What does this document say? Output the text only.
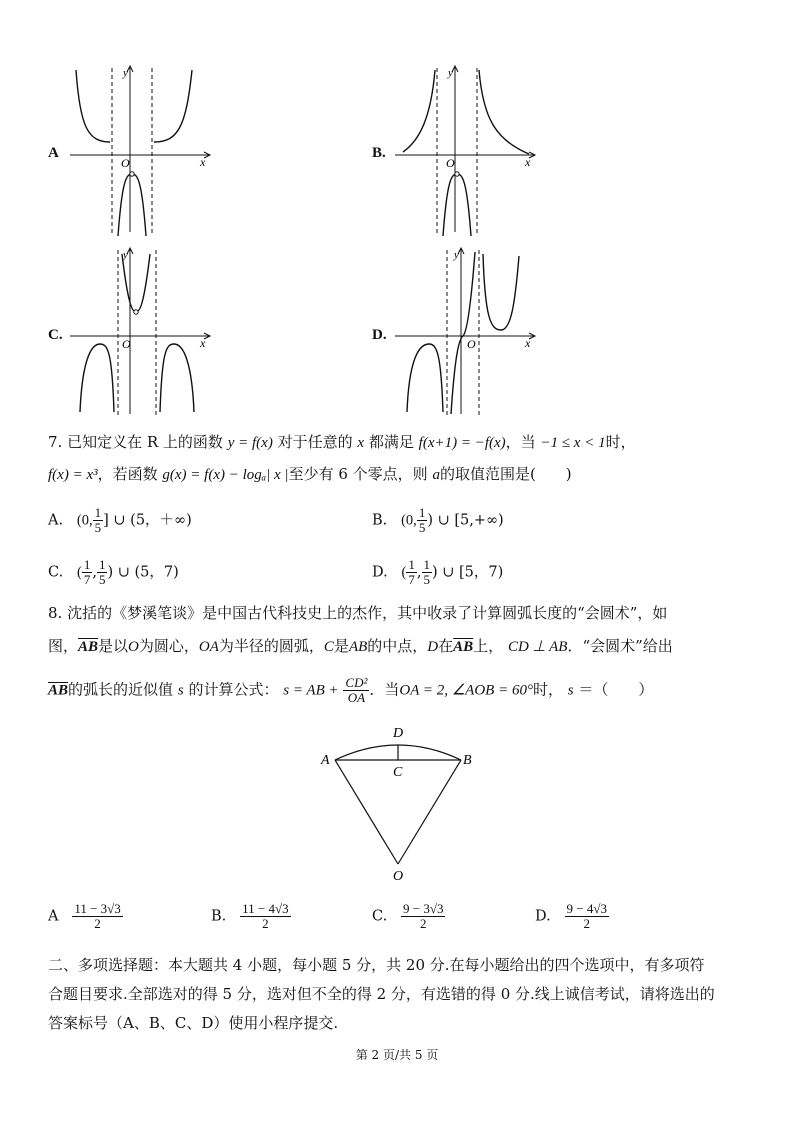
A
y
O	x
B.
y
O	x
C.
y
O	x	D.
y
O	x
7. 已知定义在 R 上的函数 y = f(x) 对于任意的 x 都满足 f(x+1) = −f(x)，当 −1 ≤ x < 1时，
f(x) = x³，若函数 g(x) = f(x) − logₐ| x |至少有 6 个零点，则 a的取值范围是(　　)
A. (0, $\frac{1}{5}$ ] ∪ (5，＋∞)	B. (0, $\frac{1}{5}$ ) ∪ [5,+∞)
C. ( $\frac{1}{7}$ , $\frac{1}{5}$ ) ∪ (5，7)	D. ( $\frac{1}{7}$ , $\frac{1}{5}$ ) ∪ [5，7)
8. 沈括的《梦溪笔谈》是中国古代科技史上的杰作，其中收录了计算圆弧长度的“会圆术”，如
图，$\overline{AB}$是以O为圆心，OA为半径的圆弧，C是AB的中点，D在$\overline{AB}$上， CD ⊥ AB．“会圆术”给出
$\overline{AB}$的弧长的近似值 s 的计算公式： s = AB + $\frac{\text{CD²}}{OA}$ ．当OA = 2, ∠AOB = 60°时， s ＝（　　）
A	B
C
D
O
A $\frac{11 - 3√3}{2}$	B. $\frac{11 - 4√3}{2}$	C. $\frac{9 - 3√3}{2}$	D. $\frac{9 - 4√3}{2}$
二、多项选择题：本大题共 4 小题，每小题 5 分，共 20 分.在每小题给出的四个选项中，有多项符
合题目要求.全部选对的得 5 分，选对但不全的得 2 分，有选错的得 0 分.线上诚信考试，请将选出的
答案标号（A、B、C、D）使用小程序提交.
第 2 页/共 5 页
